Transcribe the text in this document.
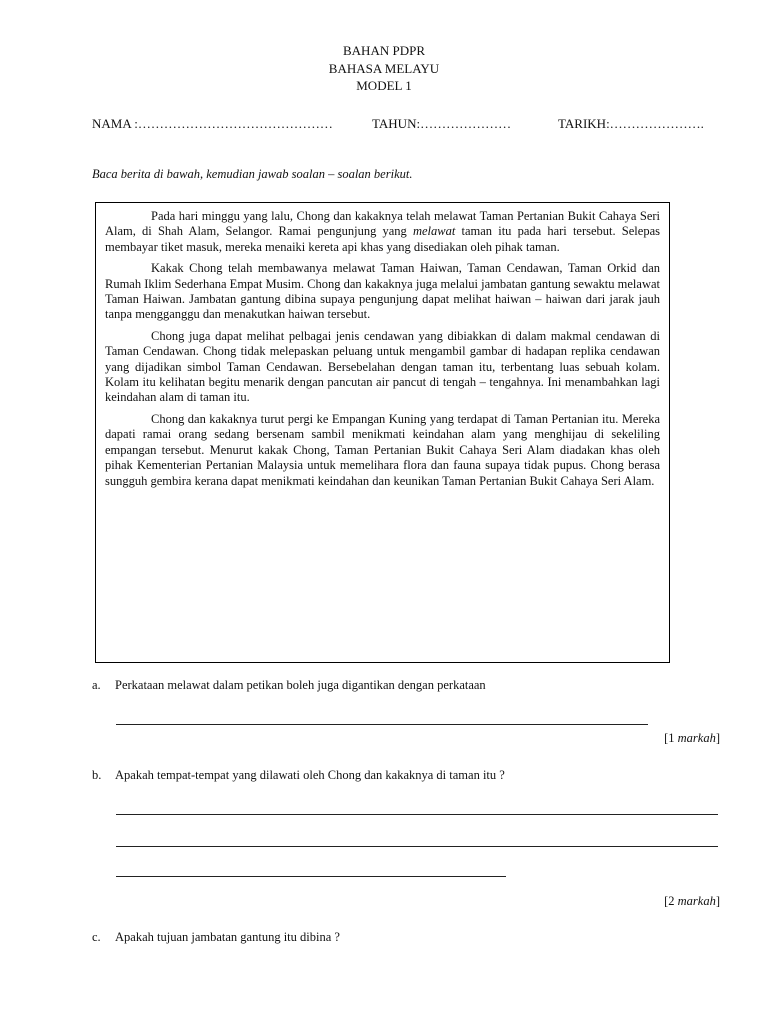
BAHAN PDPR
BAHASA MELAYU
MODEL 1
NAMA :………………………………………	TAHUN:…………………	TARIKH:………………….
Baca berita di bawah, kemudian jawab soalan – soalan berikut.

Pada hari minggu yang lalu, Chong dan kakaknya telah melawat Taman Pertanian Bukit Cahaya Seri Alam, di Shah Alam, Selangor. Ramai pengunjung yang melawat taman itu pada hari tersebut. Selepas membayar tiket masuk, mereka menaiki kereta api khas yang disediakan oleh pihak taman.

Kakak Chong telah membawanya melawat Taman Haiwan, Taman Cendawan, Taman Orkid dan Rumah Iklim Sederhana Empat Musim. Chong dan kakaknya juga melalui jambatan gantung sewaktu melawat Taman Haiwan. Jambatan gantung dibina supaya pengunjung dapat melihat haiwan – haiwan dari jarak jauh tanpa mengganggu dan menakutkan haiwan tersebut.

Chong juga dapat melihat pelbagai jenis cendawan yang dibiakkan di dalam makmal cendawan di Taman Cendawan. Chong tidak melepaskan peluang untuk mengambil gambar di hadapan replika cendawan yang dijadikan simbol Taman Cendawan. Bersebelahan dengan taman itu, terbentang luas sebuah kolam. Kolam itu kelihatan begitu menarik dengan pancutan air pancut di tengah – tengahnya. Ini menambahkan lagi keindahan alam di taman itu.

Chong dan kakaknya turut pergi ke Empangan Kuning yang terdapat di Taman Pertanian itu. Mereka dapati ramai orang sedang bersenam sambil menikmati keindahan alam yang menghijau di sekeliling empangan tersebut. Menurut kakak Chong, Taman Pertanian Bukit Cahaya Seri Alam diadakan khas oleh pihak Kementerian Pertanian Malaysia untuk memelihara flora dan fauna supaya tidak pupus. Chong berasa sungguh gembira kerana dapat menikmati keindahan dan keunikan Taman Pertanian Bukit Cahaya Seri Alam.

a. Perkataan melawat dalam petikan boleh juga digantikan dengan perkataan
[1 markah]
b. Apakah tempat-tempat yang dilawati oleh Chong dan kakaknya di taman itu ?
[2 markah]
c. Apakah tujuan jambatan gantung itu dibina ?
